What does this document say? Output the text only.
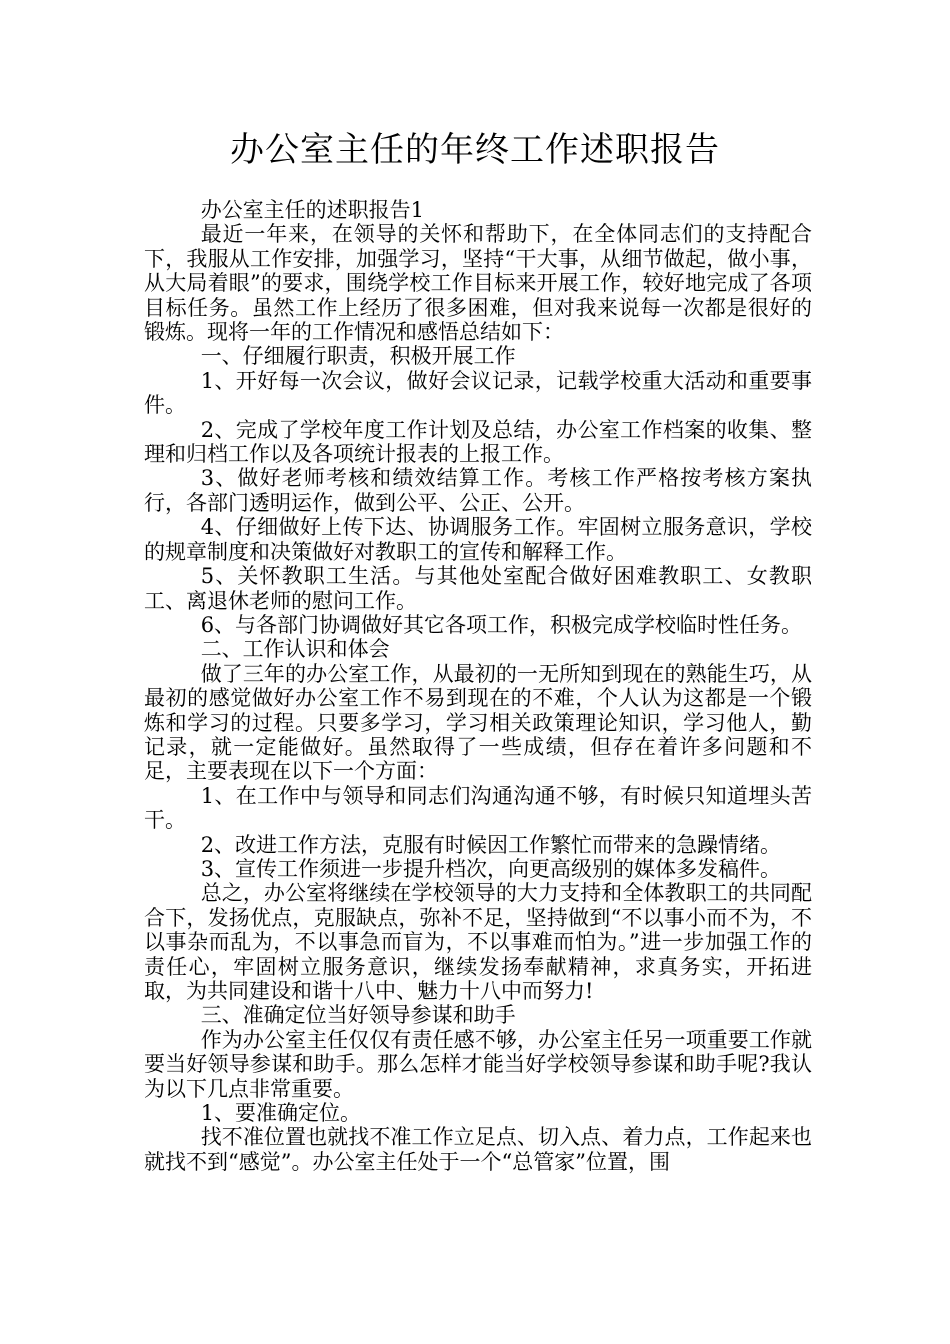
办公室主任的年终工作述职报告

办公室主任的述职报告1

最近一年来，在领导的关怀和帮助下，在全体同志们的支持配合下，我服从工作安排，加强学习，坚持“干大事，从细节做起，做小事，从大局着眼”的要求，围绕学校工作目标来开展工作，较好地完成了各项目标任务。虽然工作上经历了很多困难，但对我来说每一次都是很好的锻炼。现将一年的工作情况和感悟总结如下：

一、仔细履行职责，积极开展工作

1、开好每一次会议，做好会议记录，记载学校重大活动和重要事件。

2、完成了学校年度工作计划及总结，办公室工作档案的收集、整理和归档工作以及各项统计报表的上报工作。

3、做好老师考核和绩效结算工作。考核工作严格按考核方案执行，各部门透明运作，做到公平、公正、公开。

4、仔细做好上传下达、协调服务工作。牢固树立服务意识，学校的规章制度和决策做好对教职工的宣传和解释工作。

5、关怀教职工生活。与其他处室配合做好困难教职工、女教职工、离退休老师的慰问工作。

6、与各部门协调做好其它各项工作，积极完成学校临时性任务。

二、工作认识和体会

做了三年的办公室工作，从最初的一无所知到现在的熟能生巧，从最初的感觉做好办公室工作不易到现在的不难，个人认为这都是一个锻炼和学习的过程。只要多学习，学习相关政策理论知识，学习他人，勤记录，就一定能做好。虽然取得了一些成绩，但存在着许多问题和不足，主要表现在以下一个方面：

1、在工作中与领导和同志们沟通沟通不够，有时候只知道埋头苦干。

2、改进工作方法，克服有时候因工作繁忙而带来的急躁情绪。

3、宣传工作须进一步提升档次，向更高级别的媒体多发稿件。

总之，办公室将继续在学校领导的大力支持和全体教职工的共同配合下，发扬优点，克服缺点，弥补不足，坚持做到“不以事小而不为，不以事杂而乱为，不以事急而盲为，不以事难而怕为。”进一步加强工作的责任心，牢固树立服务意识，继续发扬奉献精神，求真务实，开拓进取，为共同建设和谐十八中、魅力十八中而努力!

三、准确定位当好领导参谋和助手

作为办公室主任仅仅有责任感不够，办公室主任另一项重要工作就要当好领导参谋和助手。那么怎样才能当好学校领导参谋和助手呢?我认为以下几点非常重要。

1、要准确定位。

找不准位置也就找不准工作立足点、切入点、着力点，工作起来也就找不到“感觉”。办公室主任处于一个“总管家”位置，围
